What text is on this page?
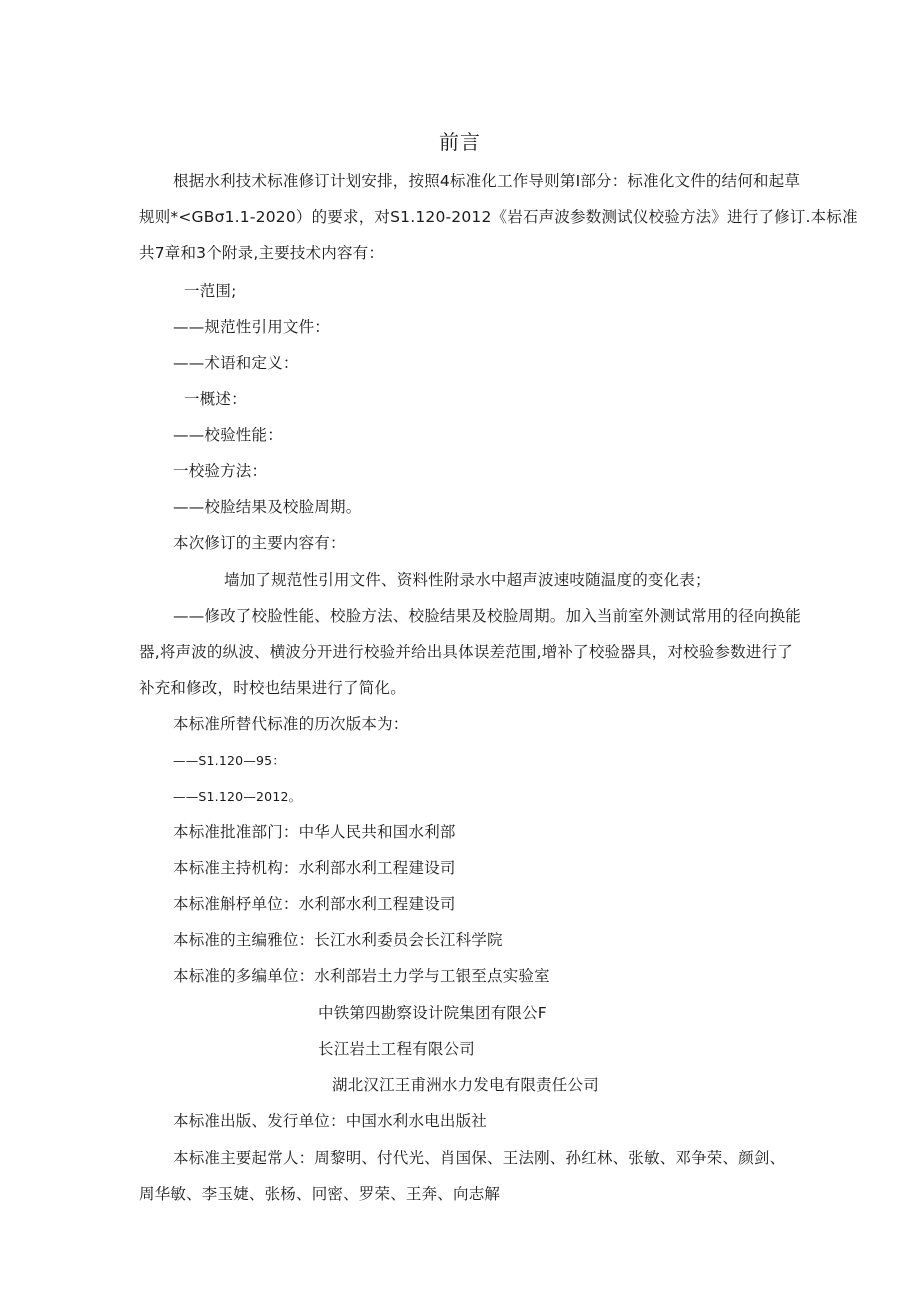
前言
根据水利技术标准修订计划安排，按照4标准化工作导则第I部分：标准化文件的结何和起草
规则*<GBσ1.1-2020）的要求，对S1.120-2012《岩石声波参数测试仪校验方法》进行了修订.本标准
共7章和3个附录,主要技术内容有：
一范围;
——规范性引用文件：
——术语和定义：
一概述：
——校验性能：
一校验方法：
——校脸结果及校脸周期。
本次修订的主要内容有：
墙加了规范性引用文件、资料性附录水中超声波速吱随温度的变化表；
——修改了校脸性能、校脸方法、校脸结果及校脸周期。加入当前室外测试常用的径向换能
器,将声波的纵波、横波分开进行校验并给出具体误差范围,增补了校验器具，对校验参数进行了
补充和修改，时校也结果进行了简化。
本标准所替代标准的历次版本为：
——S1.120—95：
——S1.120—2012。
本标准批准部门：中华人民共和国水利部
本标准主持机构：水利部水利工程建设司
本标准斛杼单位：水利部水利工程建设司
本标准的主编雅位：长江水利委员会长江科学院
本标准的多编单位：水利部岩土力学与工银至点实验室
中铁第四勘察设计院集团有限公F
长江岩土工程有限公司
湖北汉江王甫洲水力发电有限责任公司
本标准出版、发行单位：中国水利水电出版社
本标准主要起常人：周黎明、付代光、肖国保、王法刚、孙红林、张敏、邓争荣、颜剑、
周华敏、李玉婕、张杨、冋密、罗荣、王奔、向志解
